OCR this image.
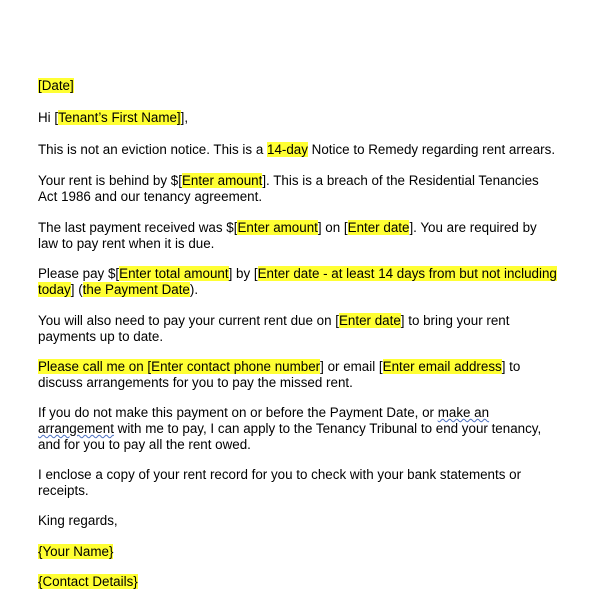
[Date]
Hi [Tenant’s First Name]],
This is not an eviction notice. This is a 14-day Notice to Remedy regarding rent arrears.
Your rent is behind by $[Enter amount]. This is a breach of the Residential Tenancies
Act 1986 and our tenancy agreement.
The last payment received was $[Enter amount] on [Enter date]. You are required by
law to pay rent when it is due.
Please pay $[Enter total amount] by [Enter date - at least 14 days from but not including
today] (the Payment Date).
You will also need to pay your current rent due on [Enter date] to bring your rent
payments up to date.
Please call me on [Enter contact phone number] or email [Enter email address] to
discuss arrangements for you to pay the missed rent.
If you do not make this payment on or before the Payment Date, or make an
arrangement with me to pay, I can apply to the Tenancy Tribunal to end your tenancy,
and for you to pay all the rent owed.
I enclose a copy of your rent record for you to check with your bank statements or
receipts.
King regards,
{Your Name}
{Contact Details}
